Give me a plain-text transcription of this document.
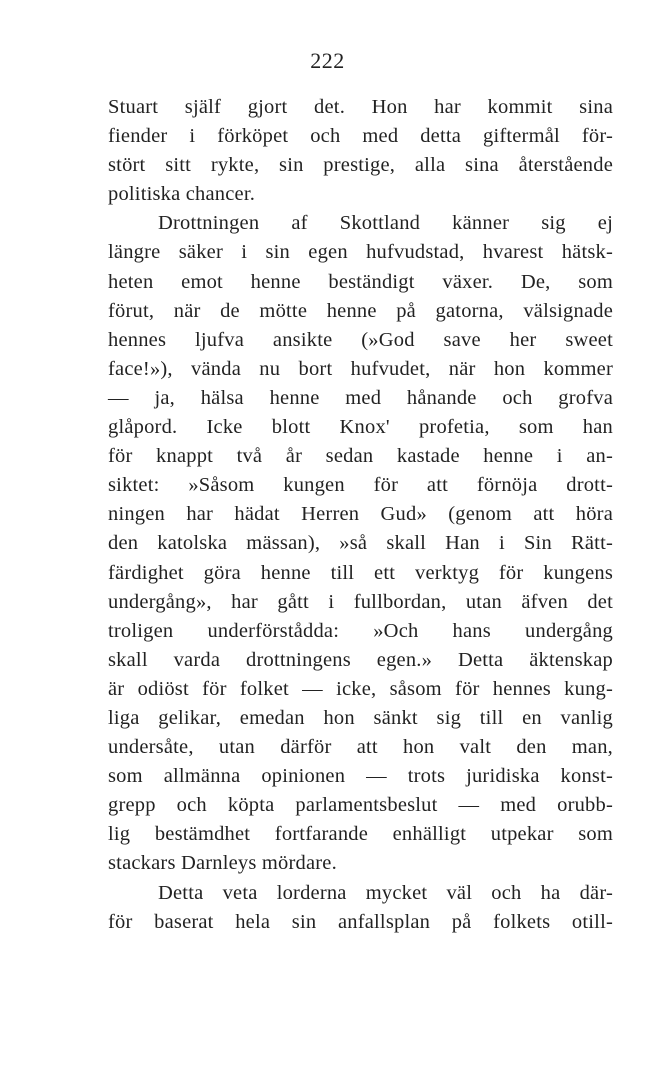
222
Stuart själf gjort det. Hon har kommit sina
fiender i förköpet och med detta giftermål för-
stört sitt rykte, sin prestige, alla sina återstående
politiska chancer.
Drottningen af Skottland känner sig ej
längre säker i sin egen hufvudstad, hvarest hätsk-
heten emot henne beständigt växer. De, som
förut, när de mötte henne på gatorna, välsignade
hennes ljufva ansikte (»God save her sweet
face!»), vända nu bort hufvudet, när hon kommer
— ja, hälsa henne med hånande och grofva
glåpord. Icke blott Knox' profetia, som han
för knappt två år sedan kastade henne i an-
siktet: »Såsom kungen för att förnöja drott-
ningen har hädat Herren Gud» (genom att höra
den katolska mässan), »så skall Han i Sin Rätt-
färdighet göra henne till ett verktyg för kungens
undergång», har gått i fullbordan, utan äfven det
troligen underförstådda: »Och hans undergång
skall varda drottningens egen.» Detta äktenskap
är odiöst för folket — icke, såsom för hennes kung-
liga gelikar, emedan hon sänkt sig till en vanlig
undersåte, utan därför att hon valt den man,
som allmänna opinionen — trots juridiska konst-
grepp och köpta parlamentsbeslut — med orubb-
lig bestämdhet fortfarande enhälligt utpekar som
stackars Darnleys mördare.
Detta veta lorderna mycket väl och ha där-
för baserat hela sin anfallsplan på folkets otill-
